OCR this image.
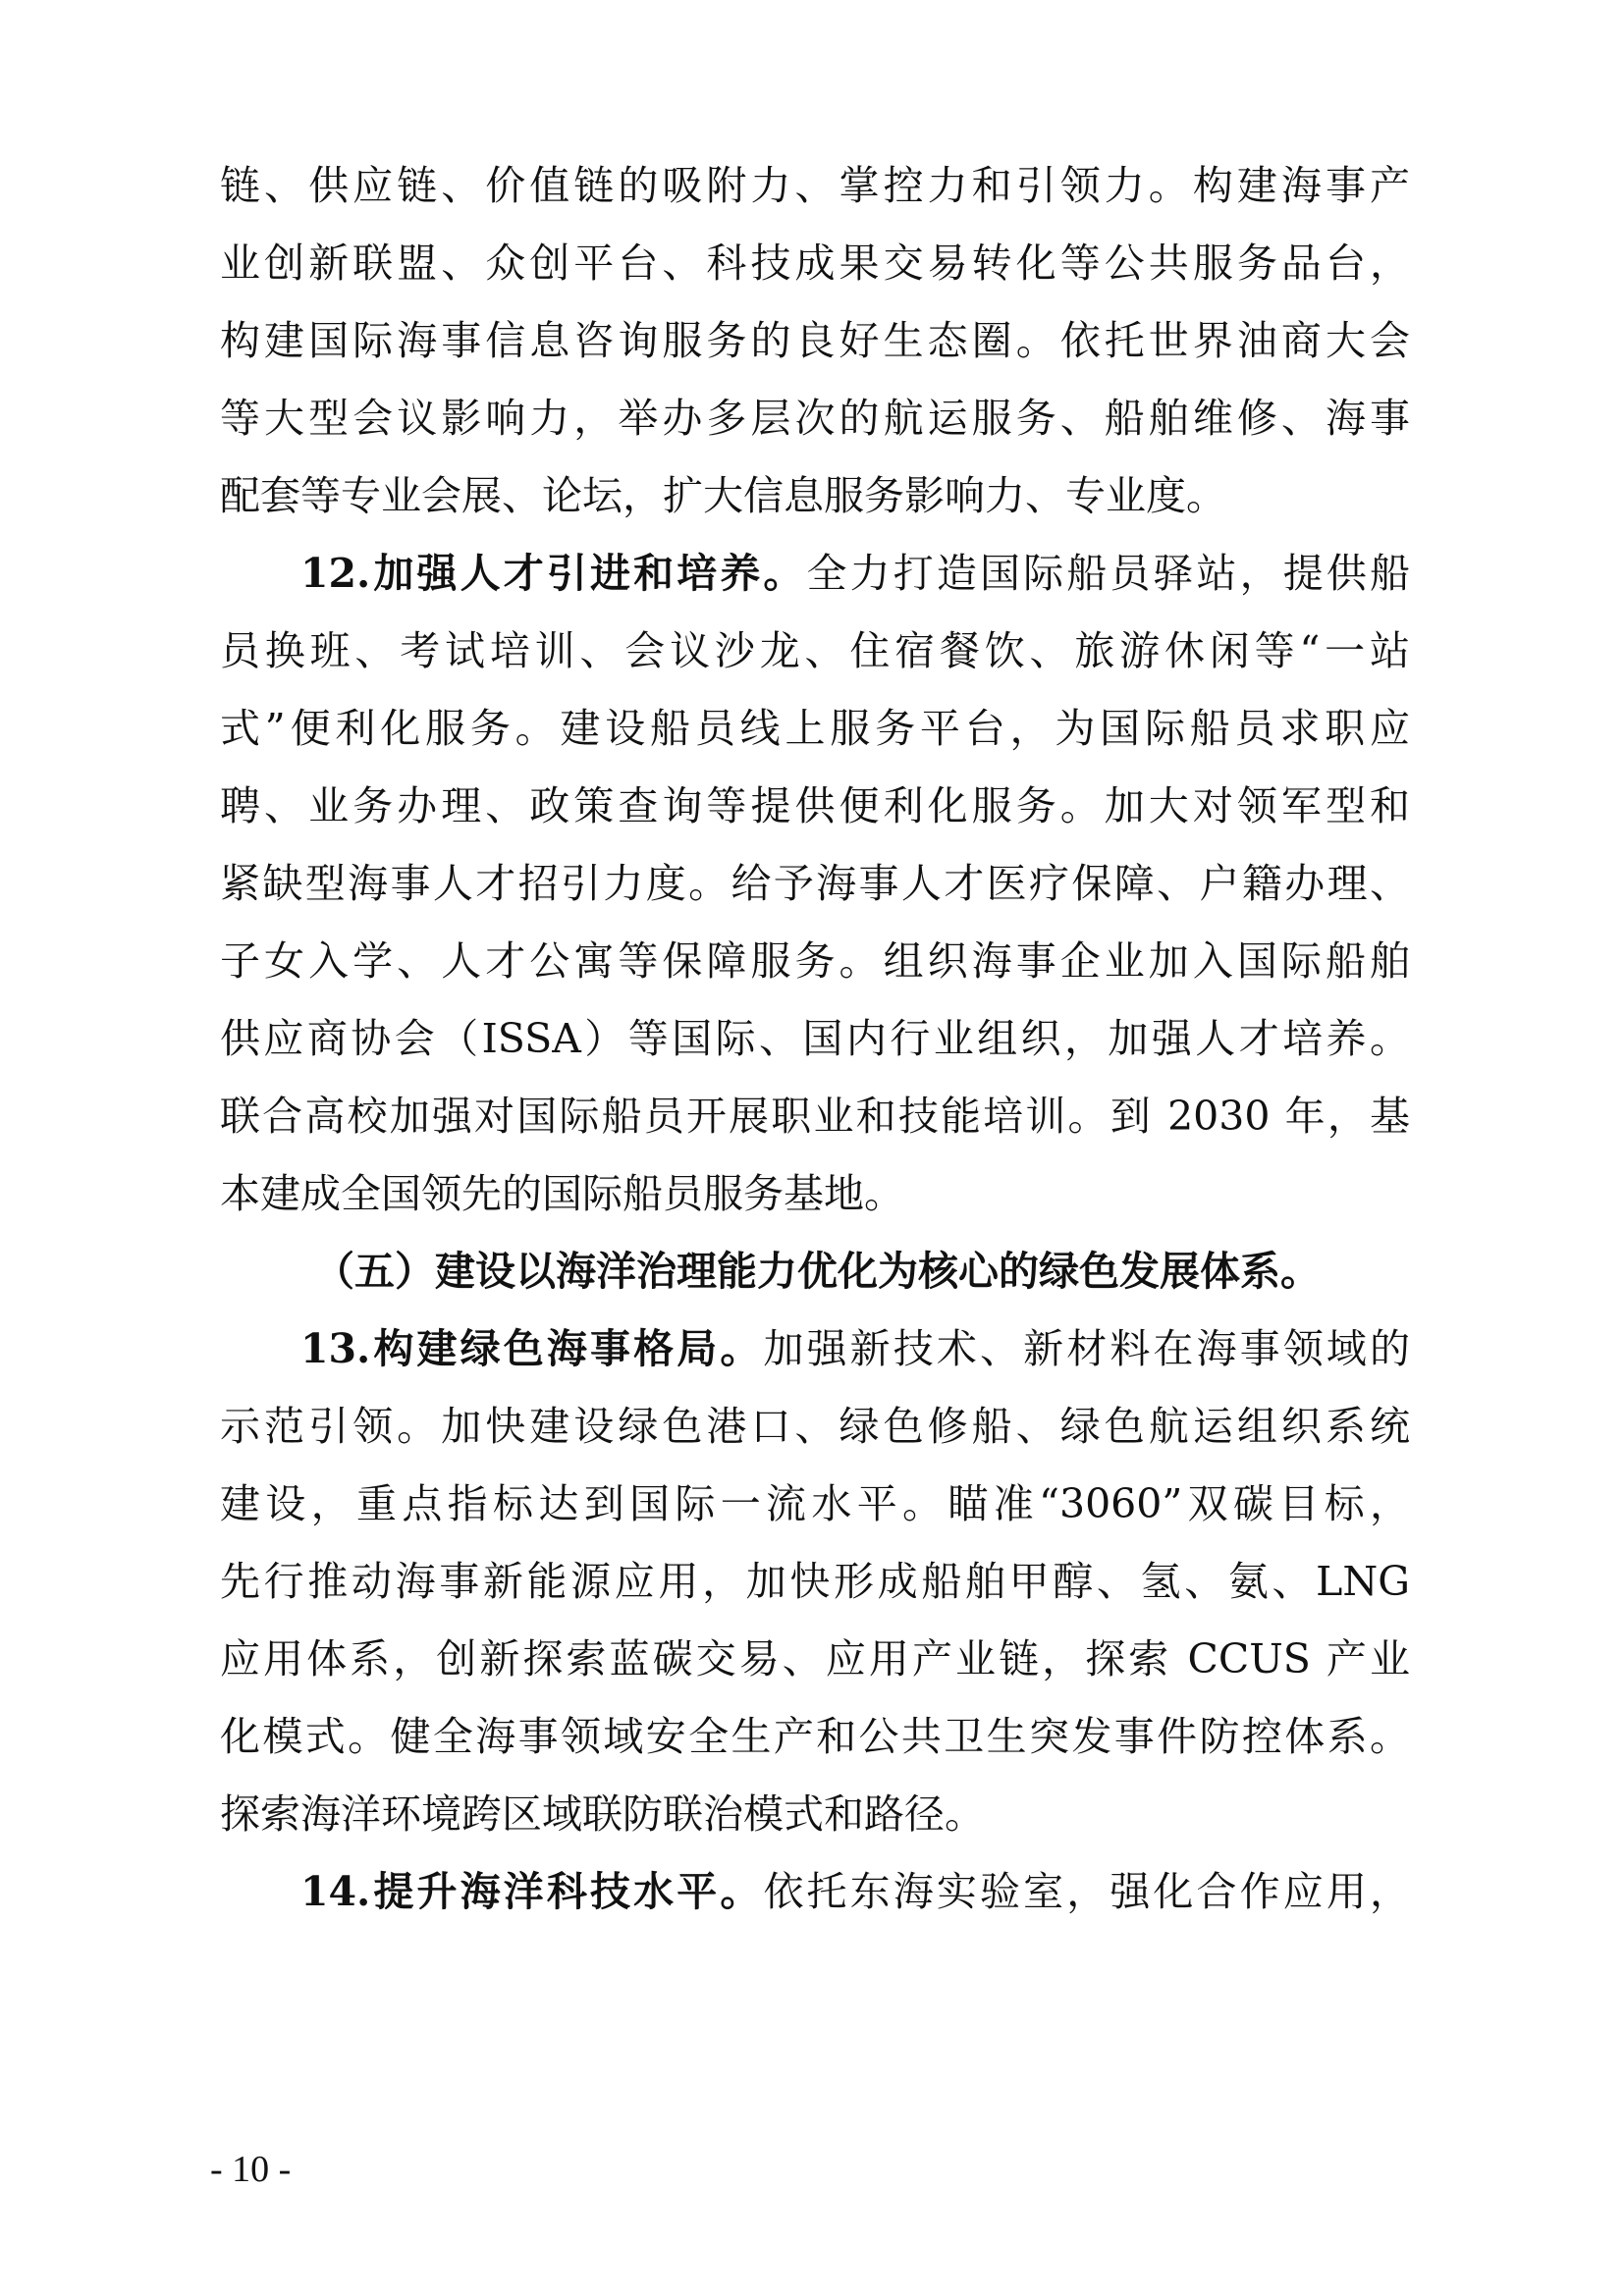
链、供应链、价值链的吸附力、掌控力和引领力。构建海事产
业创新联盟、众创平台、科技成果交易转化等公共服务品台，
构建国际海事信息咨询服务的良好生态圈。依托世界油商大会
等大型会议影响力，举办多层次的航运服务、船舶维修、海事
配套等专业会展、论坛，扩大信息服务影响力、专业度。
12.加强人才引进和培养。全力打造国际船员驿站，提供船
员换班、考试培训、会议沙龙、住宿餐饮、旅游休闲等“一站
式”便利化服务。建设船员线上服务平台，为国际船员求职应
聘、业务办理、政策查询等提供便利化服务。加大对领军型和
紧缺型海事人才招引力度。给予海事人才医疗保障、户籍办理、
子女入学、人才公寓等保障服务。组织海事企业加入国际船舶
供应商协会（ISSA）等国际、国内行业组织，加强人才培养。
联合高校加强对国际船员开展职业和技能培训。到 2030 年，基
本建成全国领先的国际船员服务基地。
（五）建设以海洋治理能力优化为核心的绿色发展体系。
13.构建绿色海事格局。加强新技术、新材料在海事领域的
示范引领。加快建设绿色港口、绿色修船、绿色航运组织系统
建设，重点指标达到国际一流水平。瞄准“3060”双碳目标，
先行推动海事新能源应用，加快形成船舶甲醇、氢、氨、LNG
应用体系，创新探索蓝碳交易、应用产业链，探索 CCUS 产业
化模式。健全海事领域安全生产和公共卫生突发事件防控体系。
探索海洋环境跨区域联防联治模式和路径。
14.提升海洋科技水平。依托东海实验室，强化合作应用，
- 10 -
